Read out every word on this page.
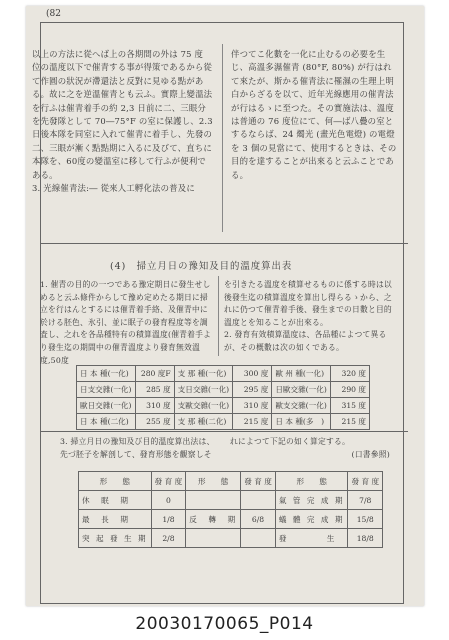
(82

以上の方法に從へば上の各期間の外は 75 度

位の溫度以下で催青する事が得策であるから從て作圓の狀況が滯還法と反對に見ゆる點がある。故に之を逆溫催青とも云ふ。實際上變溫法を行ふは催青着手の約 2,3 日前に二、三眼分を先發隊として 70―75°F の室に保護し、2.3 日後本隊を同室に入れて催青に着手し、先發の二、三眼が漸く點點期に入るに及びて、直ちに本隊を、60度の變溫室に移して行ふが便利である。

3. 光線催青法:― 從來人工孵化法の普及に

伴つてこ化數を一化に止むるの必要を生じ、高溫多濕催青 (80°F, 80%) が行はれて來たが、斯かる催青法に罹濕の生理上明白からざるを以て、近年光線應用の催青法が行はるゝに至つた。その實施法は、溫度は普通の 76 度位にて、何―ば八疊の室とするならば、24 燭光 (畫光色電燈) の電燈を 3 個の見當にて、使用するときは、その目的を達することが出來ると云ふことである。

(4)　掃立月日の豫知及目的溫度算出表

1. 催青の目的の一つである豫定期日に發生せしめると云ふ條件からして豫め定めたる期日に掃立を行はんとするには催青着手絡、及催青中に於ける胚色、氷引、並に眠子の發育程度等を調査し、之れを各品種特有の積算溫度(催青着手より發生迄の期間中の催青溫度より發育無效溫度,50度

を引きたる溫度を積算せるものに係する時は以後發生迄の積算溫度を算出し得らるゝから、之れに仍つて催青着手後、發生までの日數と目的溫度とを知ることが出來る。

2. 發育有效積算溫度は、各品種によつて異るが、その概數は次の如くである。

日 本 種(一化)	280 度F	支 那 種(一化)	300 度	歐 州 種(一化)	320 度
日支交雜(一化)	285 度	支日交雜(一化)	295 度	日歐交雜(一化)	290 度
歐日交雜(一化)	310 度	支歐交雜(一化)	310 度	歐支交雜(一化)	315 度
日 本 種(二化)	255 度	支 那 種(二化)	215 度	日 本 種(多　)	215 度

3. 掃立月日の豫知及び目的溫度算出法は、先づ胚子を解剖して、發育形態を觀察しそ

れによつて下記の如く算定する。

(口書參照)

形　　態	發 育 度	形　　態	發 育 度	形　　態	發 育 度
休　眠　期	0			氣 管 完 成 期	7/8
最　長　期	1/8	反　轉　期	6/8	蟻 體 完 成 期	15/8
突 起 發 生 期	2/8			發　　　　生	18/8
20030170065_P014
